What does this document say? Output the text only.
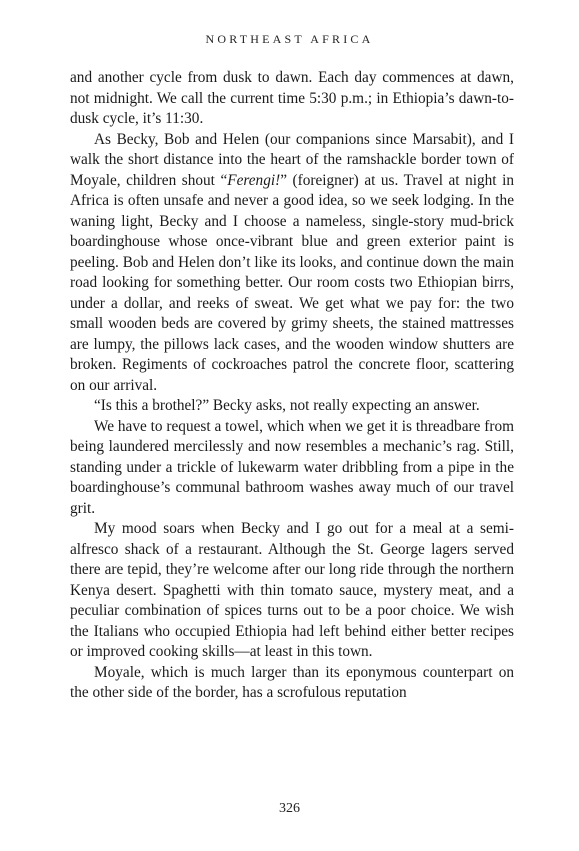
NORTHEAST AFRICA

and another cycle from dusk to dawn. Each day commences at dawn, not midnight. We call the current time 5:30 p.m.; in Ethiopia’s dawn-to-dusk cycle, it’s 11:30.

As Becky, Bob and Helen (our companions since Marsabit), and I walk the short distance into the heart of the ramshackle border town of Moyale, children shout “Ferengi!” (foreigner) at us. Travel at night in Africa is often unsafe and never a good idea, so we seek lodging. In the waning light, Becky and I choose a nameless, single-story mud-brick boardinghouse whose once-vibrant blue and green exterior paint is peeling. Bob and Helen don’t like its looks, and continue down the main road looking for something better. Our room costs two Ethiopian birrs, under a dollar, and reeks of sweat. We get what we pay for: the two small wooden beds are covered by grimy sheets, the stained mattresses are lumpy, the pillows lack cases, and the wooden window shutters are broken. Regiments of cockroaches patrol the concrete floor, scattering on our arrival.

“Is this a brothel?” Becky asks, not really expecting an answer.

We have to request a towel, which when we get it is threadbare from being laundered mercilessly and now resembles a mechanic’s rag. Still, standing under a trickle of lukewarm water dribbling from a pipe in the boardinghouse’s communal bathroom washes away much of our travel grit.

My mood soars when Becky and I go out for a meal at a semi-alfresco shack of a restaurant. Although the St. George lagers served there are tepid, they’re welcome after our long ride through the northern Kenya desert. Spaghetti with thin tomato sauce, mystery meat, and a peculiar combination of spices turns out to be a poor choice. We wish the Italians who occupied Ethiopia had left behind either better recipes or improved cooking skills—at least in this town.

Moyale, which is much larger than its eponymous counterpart on the other side of the border, has a scrofulous reputation

326
